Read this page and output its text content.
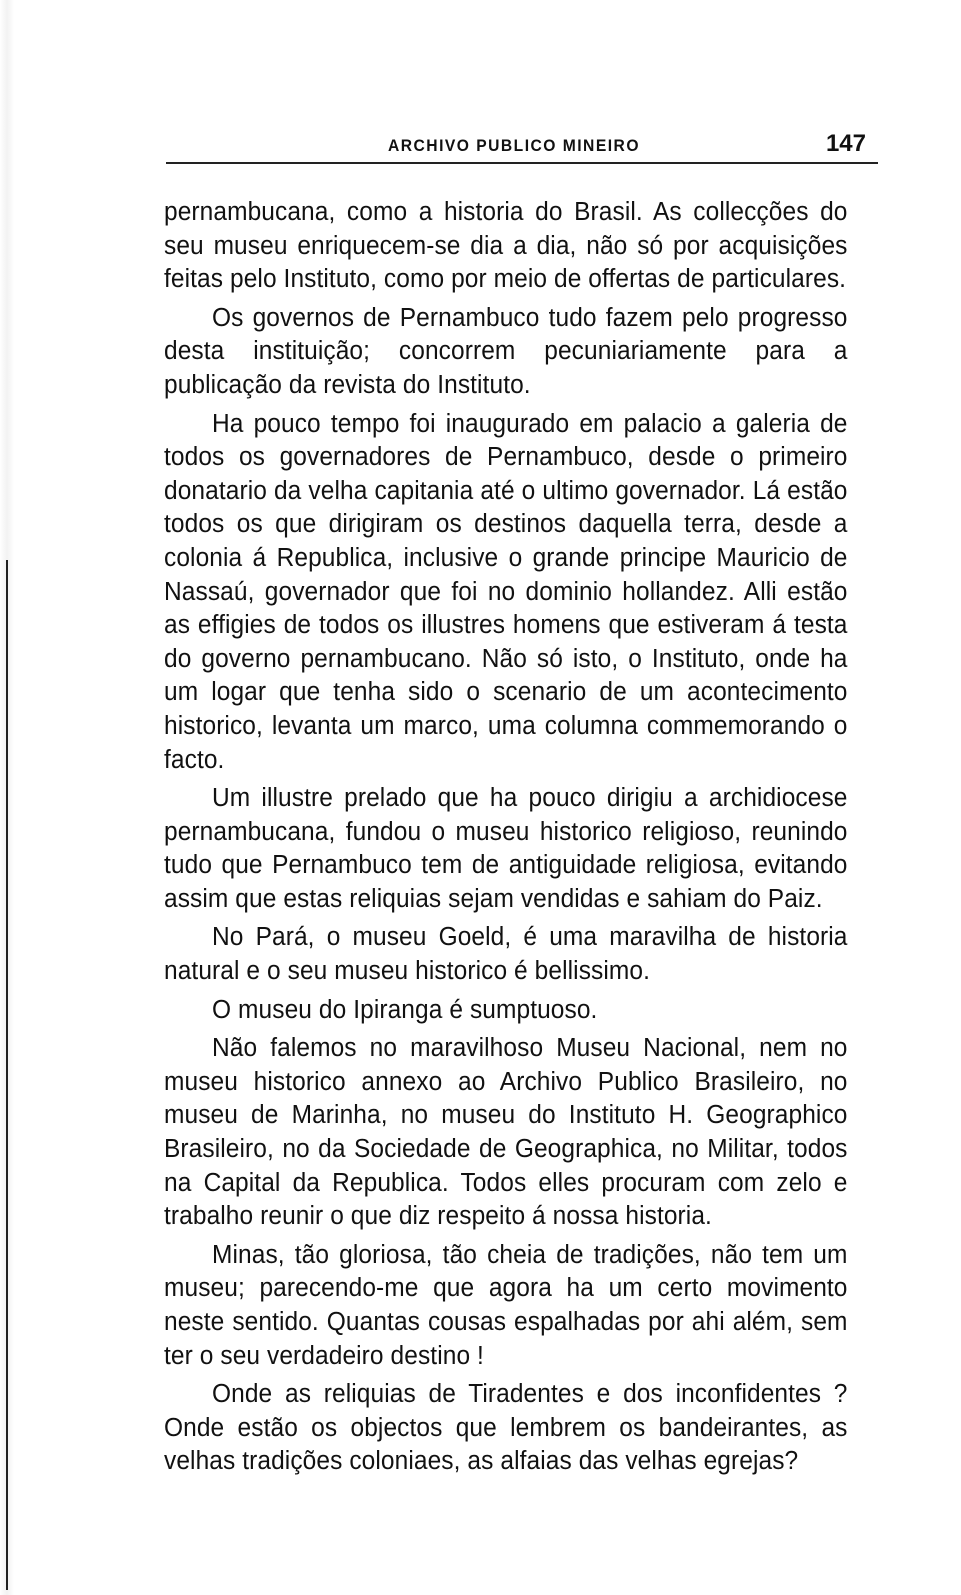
ARCHIVO PUBLICO MINEIRO	147

pernambucana, como a historia do Brasil. As collecções do seu museu enriquecem-se dia a dia, não só por acquisições feitas pelo Instituto, como por meio de offertas de particulares.

Os governos de Pernambuco tudo fazem pelo progresso desta instituição; concorrem pecuniariamente para a publicação da revista do Instituto.

Ha pouco tempo foi inaugurado em palacio a galeria de todos os governadores de Pernambuco, desde o primeiro donatario da velha capitania até o ultimo governador. Lá estão todos os que dirigiram os destinos daquella terra, desde a colonia á Republica, inclusive o grande principe Mauricio de Nassaú, governador que foi no dominio hollandez. Alli estão as effigies de todos os illustres homens que estiveram á testa do governo pernambucano. Não só isto, o Instituto, onde ha um logar que tenha sido o scenario de um acontecimento historico, levanta um marco, uma columna commemorando o facto.

Um illustre prelado que ha pouco dirigiu a archidiocese pernambucana, fundou o museu historico religioso, reunindo tudo que Pernambuco tem de antiguidade religiosa, evitando assim que estas reliquias sejam vendidas e sahiam do Paiz.

No Pará, o museu Goeld, é uma maravilha de historia natural e o seu museu historico é bellissimo.

O museu do Ipiranga é sumptuoso.

Não falemos no maravilhoso Museu Nacional, nem no museu historico annexo ao Archivo Publico Brasileiro, no museu de Marinha, no museu do Instituto H. Geographico Brasileiro, no da Sociedade de Geographica, no Militar, todos na Capital da Republica. Todos elles procuram com zelo e trabalho reunir o que diz respeito á nossa historia.

Minas, tão gloriosa, tão cheia de tradições, não tem um museu; parecendo-me que agora ha um certo movimento neste sentido. Quantas cousas espalhadas por ahi além, sem ter o seu verdadeiro destino !

Onde as reliquias de Tiradentes e dos inconfidentes ? Onde estão os objectos que lembrem os bandeirantes, as velhas tradições coloniaes, as alfaias das velhas egrejas?
